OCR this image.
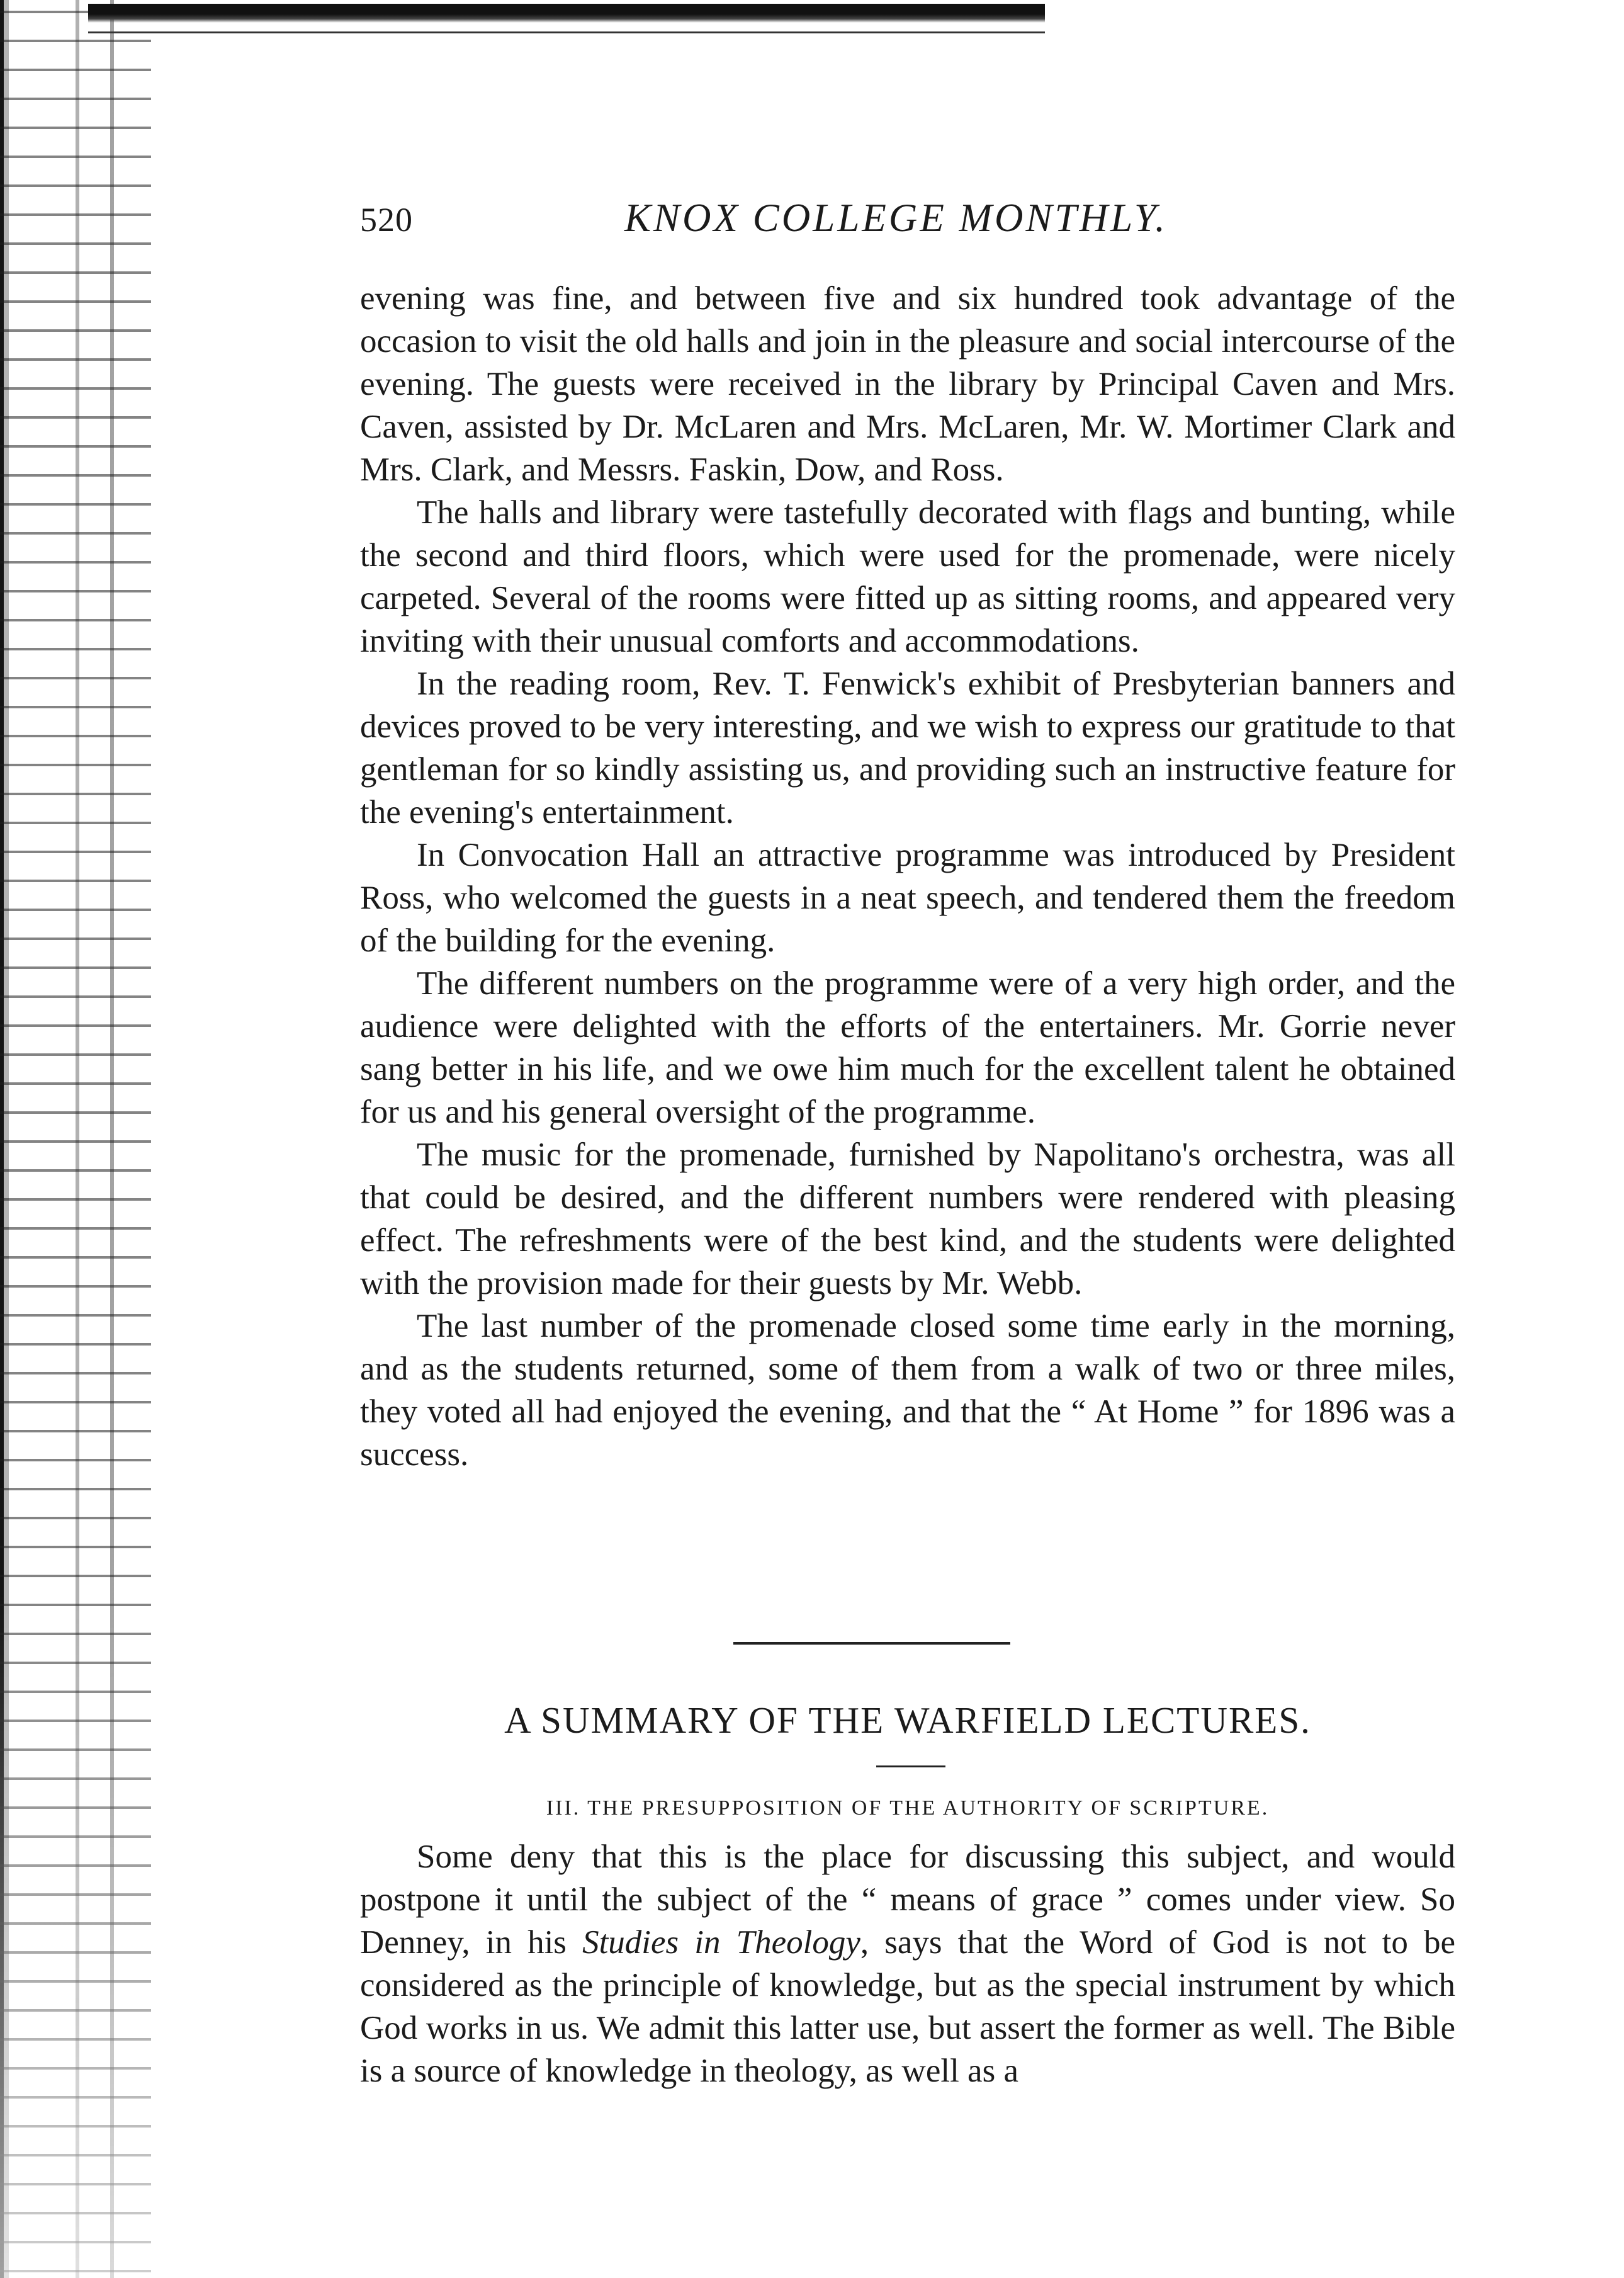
520	KNOX COLLEGE MONTHLY.

evening was fine, and between five and six hundred took advantage of the occasion to visit the old halls and join in the pleasure and social intercourse of the evening. The guests were received in the library by Principal Caven and Mrs. Caven, assisted by Dr. McLaren and Mrs. McLaren, Mr. W. Mortimer Clark and Mrs. Clark, and Messrs. Faskin, Dow, and Ross.

The halls and library were tastefully decorated with flags and bunting, while the second and third floors, which were used for the promenade, were nicely carpeted. Several of the rooms were fitted up as sitting rooms, and appeared very inviting with their unusual comforts and accommodations.

In the reading room, Rev. T. Fenwick's exhibit of Presbyterian banners and devices proved to be very interesting, and we wish to express our gratitude to that gentleman for so kindly assisting us, and providing such an instructive feature for the evening's entertainment.

In Convocation Hall an attractive programme was introduced by President Ross, who welcomed the guests in a neat speech, and tendered them the freedom of the building for the evening.

The different numbers on the programme were of a very high order, and the audience were delighted with the efforts of the entertainers. Mr. Gorrie never sang better in his life, and we owe him much for the excellent talent he obtained for us and his general oversight of the programme.

The music for the promenade, furnished by Napolitano's orchestra, was all that could be desired, and the different numbers were rendered with pleasing effect. The refreshments were of the best kind, and the students were delighted with the provision made for their guests by Mr. Webb.

The last number of the promenade closed some time early in the morning, and as the students returned, some of them from a walk of two or three miles, they voted all had enjoyed the evening, and that the “ At Home ” for 1896 was a success.

A SUMMARY OF THE WARFIELD LECTURES.
III. THE PRESUPPOSITION OF THE AUTHORITY OF SCRIPTURE.

Some deny that this is the place for discussing this subject, and would postpone it until the subject of the “ means of grace ” comes under view. So Denney, in his Studies in Theology, says that the Word of God is not to be considered as the principle of knowledge, but as the special instrument by which God works in us. We admit this latter use, but assert the former as well. The Bible is a source of knowledge in theology, as well as a
